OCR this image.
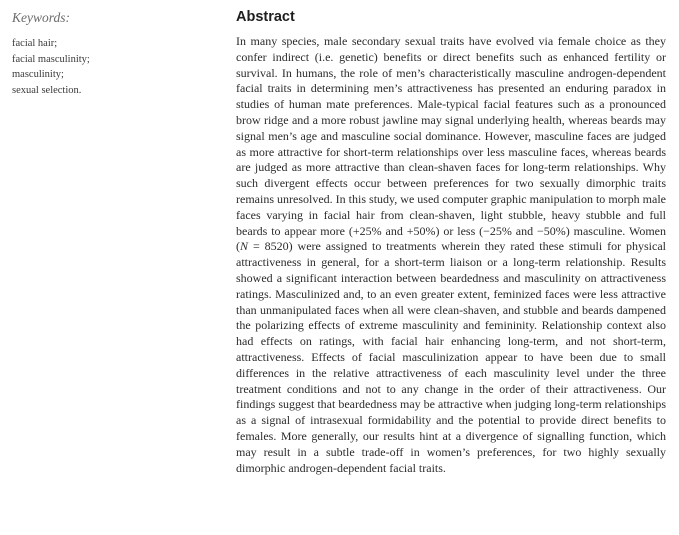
Keywords:
facial hair;
facial masculinity;
masculinity;
sexual selection.
Abstract

In many species, male secondary sexual traits have evolved via female choice as they confer indirect (i.e. genetic) benefits or direct benefits such as enhanced fertility or survival. In humans, the role of men’s characteristically masculine androgen-dependent facial traits in determining men’s attractiveness has presented an enduring paradox in studies of human mate preferences. Male-typical facial features such as a pronounced brow ridge and a more robust jawline may signal underlying health, whereas beards may signal men’s age and masculine social dominance. However, masculine faces are judged as more attractive for short-term relationships over less masculine faces, whereas beards are judged as more attractive than clean-shaven faces for long-term relationships. Why such divergent effects occur between preferences for two sexually dimorphic traits remains unresolved. In this study, we used computer graphic manipulation to morph male faces varying in facial hair from clean-shaven, light stubble, heavy stubble and full beards to appear more (+25% and +50%) or less (−25% and −50%) masculine. Women (N = 8520) were assigned to treatments wherein they rated these stimuli for physical attractiveness in general, for a short-term liaison or a long-term relationship. Results showed a significant interaction between beardedness and masculinity on attractiveness ratings. Masculinized and, to an even greater extent, feminized faces were less attractive than unmanipulated faces when all were clean-shaven, and stubble and beards dampened the polarizing effects of extreme masculinity and femininity. Relationship context also had effects on ratings, with facial hair enhancing long-term, and not short-term, attractiveness. Effects of facial masculinization appear to have been due to small differences in the relative attractiveness of each masculinity level under the three treatment conditions and not to any change in the order of their attractiveness. Our findings suggest that beardedness may be attractive when judging long-term relationships as a signal of intrasexual formidability and the potential to provide direct benefits to females. More generally, our results hint at a divergence of signalling function, which may result in a subtle trade-off in women’s preferences, for two highly sexually dimorphic androgen-dependent facial traits.
